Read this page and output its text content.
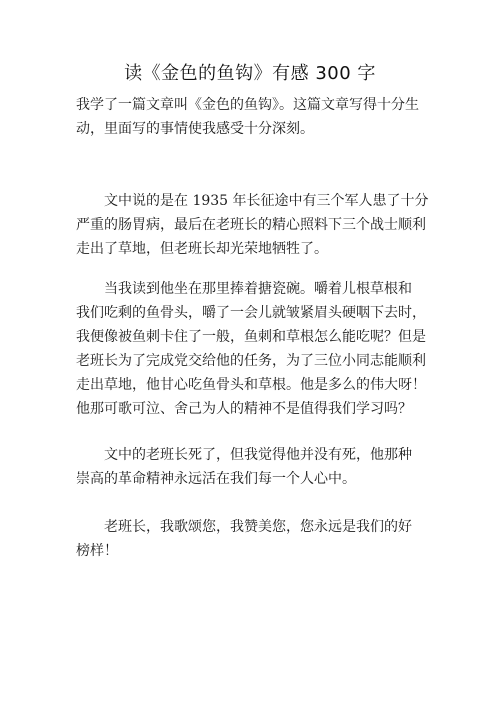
读《金色的鱼钩》有感 300 字
我学了一篇文章叫《金色的鱼钩》。这篇文章写得十分生
动，里面写的事情使我感受十分深刻。
　　文中说的是在 1935 年长征途中有三个军人患了十分
严重的肠胃病，最后在老班长的精心照料下三个战士顺利
走出了草地，但老班长却光荣地牺牲了。
　　当我读到他坐在那里捧着搪瓷碗。嚼着儿根草根和
我们吃剩的鱼骨头，嚼了一会儿就皱紧眉头硬咽下去时，
我便像被鱼刺卡住了一般，鱼刺和草根怎么能吃呢？但是
老班长为了完成党交给他的任务，为了三位小同志能顺利
走出草地，他甘心吃鱼骨头和草根。他是多么的伟大呀！
他那可歌可泣、舍己为人的精神不是值得我们学习吗？
　　文中的老班长死了，但我觉得他并没有死，他那种
崇高的革命精神永远活在我们每一个人心中。
　　老班长，我歌颂您，我赞美您，您永远是我们的好
榜样！
